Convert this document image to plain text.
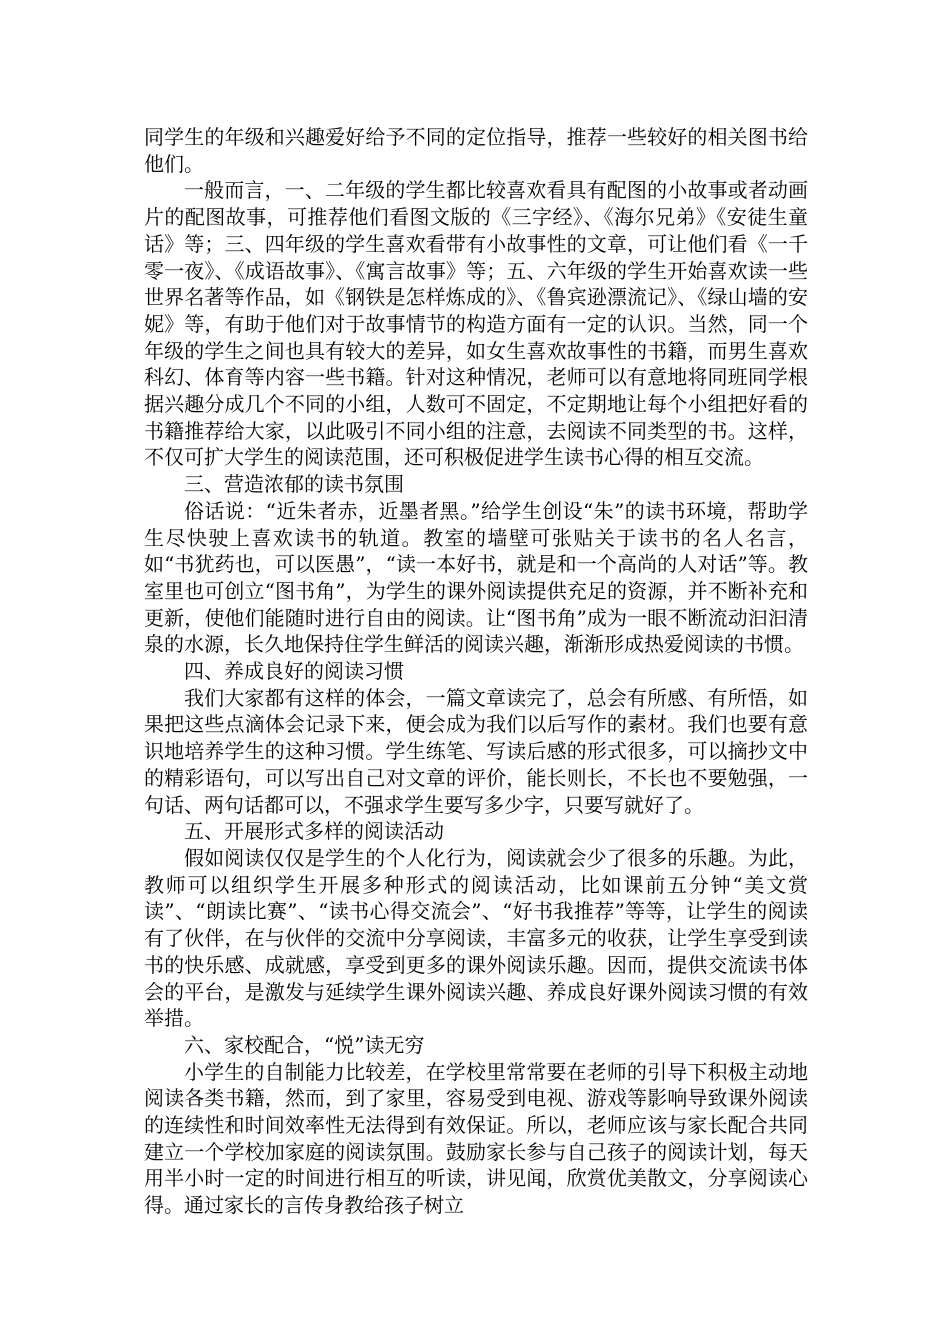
同学生的年级和兴趣爱好给予不同的定位指导，推荐一些较好的相关图书给他们。

一般而言，一、二年级的学生都比较喜欢看具有配图的小故事或者动画片的配图故事，可推荐他们看图文版的《三字经》、《海尔兄弟》《安徒生童话》等；三、四年级的学生喜欢看带有小故事性的文章，可让他们看《一千零一夜》、《成语故事》、《寓言故事》等；五、六年级的学生开始喜欢读一些世界名著等作品，如《钢铁是怎样炼成的》、《鲁宾逊漂流记》、《绿山墙的安妮》等，有助于他们对于故事情节的构造方面有一定的认识。当然，同一个年级的学生之间也具有较大的差异，如女生喜欢故事性的书籍，而男生喜欢科幻、体育等内容一些书籍。针对这种情况，老师可以有意地将同班同学根据兴趣分成几个不同的小组，人数可不固定，不定期地让每个小组把好看的书籍推荐给大家，以此吸引不同小组的注意，去阅读不同类型的书。这样，不仅可扩大学生的阅读范围，还可积极促进学生读书心得的相互交流。

三、营造浓郁的读书氛围

俗话说：“近朱者赤，近墨者黑。”给学生创设“朱”的读书环境，帮助学生尽快驶上喜欢读书的轨道。教室的墙壁可张贴关于读书的名人名言，如“书犹药也，可以医愚”，“读一本好书，就是和一个高尚的人对话”等。教室里也可创立“图书角”，为学生的课外阅读提供充足的资源，并不断补充和更新，使他们能随时进行自由的阅读。让“图书角”成为一眼不断流动汩汩清泉的水源，长久地保持住学生鲜活的阅读兴趣，渐渐形成热爱阅读的书惯。

四、养成良好的阅读习惯

我们大家都有这样的体会，一篇文章读完了，总会有所感、有所悟，如果把这些点滴体会记录下来，便会成为我们以后写作的素材。我们也要有意识地培养学生的这种习惯。学生练笔、写读后感的形式很多，可以摘抄文中的精彩语句，可以写出自己对文章的评价，能长则长，不长也不要勉强，一句话、两句话都可以，不强求学生要写多少字，只要写就好了。

五、开展形式多样的阅读活动

假如阅读仅仅是学生的个人化行为，阅读就会少了很多的乐趣。为此，教师可以组织学生开展多种形式的阅读活动，比如课前五分钟“美文赏读”、“朗读比赛”、“读书心得交流会”、“好书我推荐”等等，让学生的阅读有了伙伴，在与伙伴的交流中分享阅读，丰富多元的收获，让学生享受到读书的快乐感、成就感，享受到更多的课外阅读乐趣。因而，提供交流读书体会的平台，是激发与延续学生课外阅读兴趣、养成良好课外阅读习惯的有效举措。

六、家校配合，“悦”读无穷

小学生的自制能力比较差，在学校里常常要在老师的引导下积极主动地阅读各类书籍，然而，到了家里，容易受到电视、游戏等影响导致课外阅读的连续性和时间效率性无法得到有效保证。所以，老师应该与家长配合共同建立一个学校加家庭的阅读氛围。鼓励家长参与自己孩子的阅读计划，每天用半小时一定的时间进行相互的听读，讲见闻，欣赏优美散文，分享阅读心得。通过家长的言传身教给孩子树立
